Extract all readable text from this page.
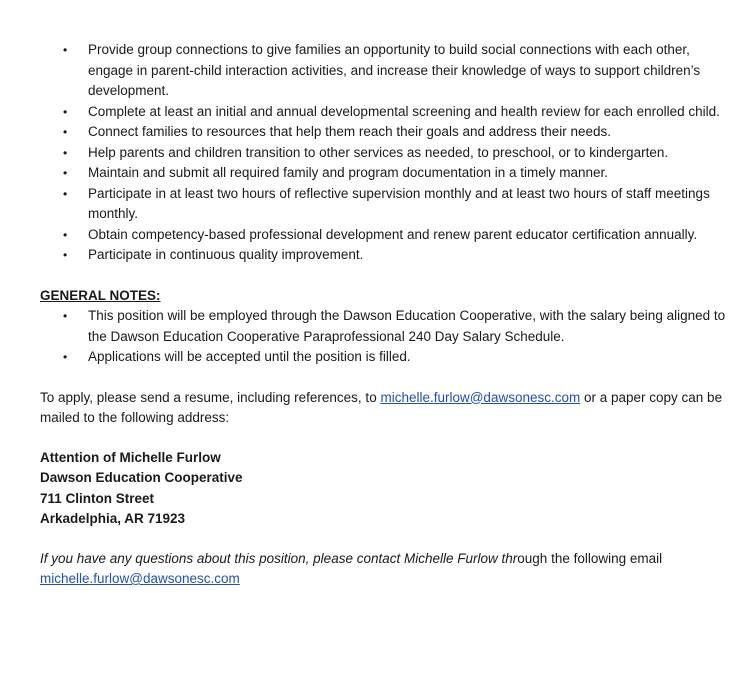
• Provide group connections to give families an opportunity to build social connections with each other, engage in parent-child interaction activities, and increase their knowledge of ways to support children’s development.
• Complete at least an initial and annual developmental screening and health review for each enrolled child.
• Connect families to resources that help them reach their goals and address their needs.
• Help parents and children transition to other services as needed, to preschool, or to kindergarten.
• Maintain and submit all required family and program documentation in a timely manner.
• Participate in at least two hours of reflective supervision monthly and at least two hours of staff meetings monthly.
• Obtain competency-based professional development and renew parent educator certification annually.
• Participate in continuous quality improvement.
GENERAL NOTES:
• This position will be employed through the Dawson Education Cooperative, with the salary being aligned to the Dawson Education Cooperative Paraprofessional 240 Day Salary Schedule.
• Applications will be accepted until the position is filled.
To apply, please send a resume, including references, to michelle.furlow@dawsonesc.com or a paper copy can be mailed to the following address:
Attention of Michelle Furlow
Dawson Education Cooperative
711 Clinton Street
Arkadelphia, AR 71923
If you have any questions about this position, please contact Michelle Furlow through the following email
michelle.furlow@dawsonesc.com
